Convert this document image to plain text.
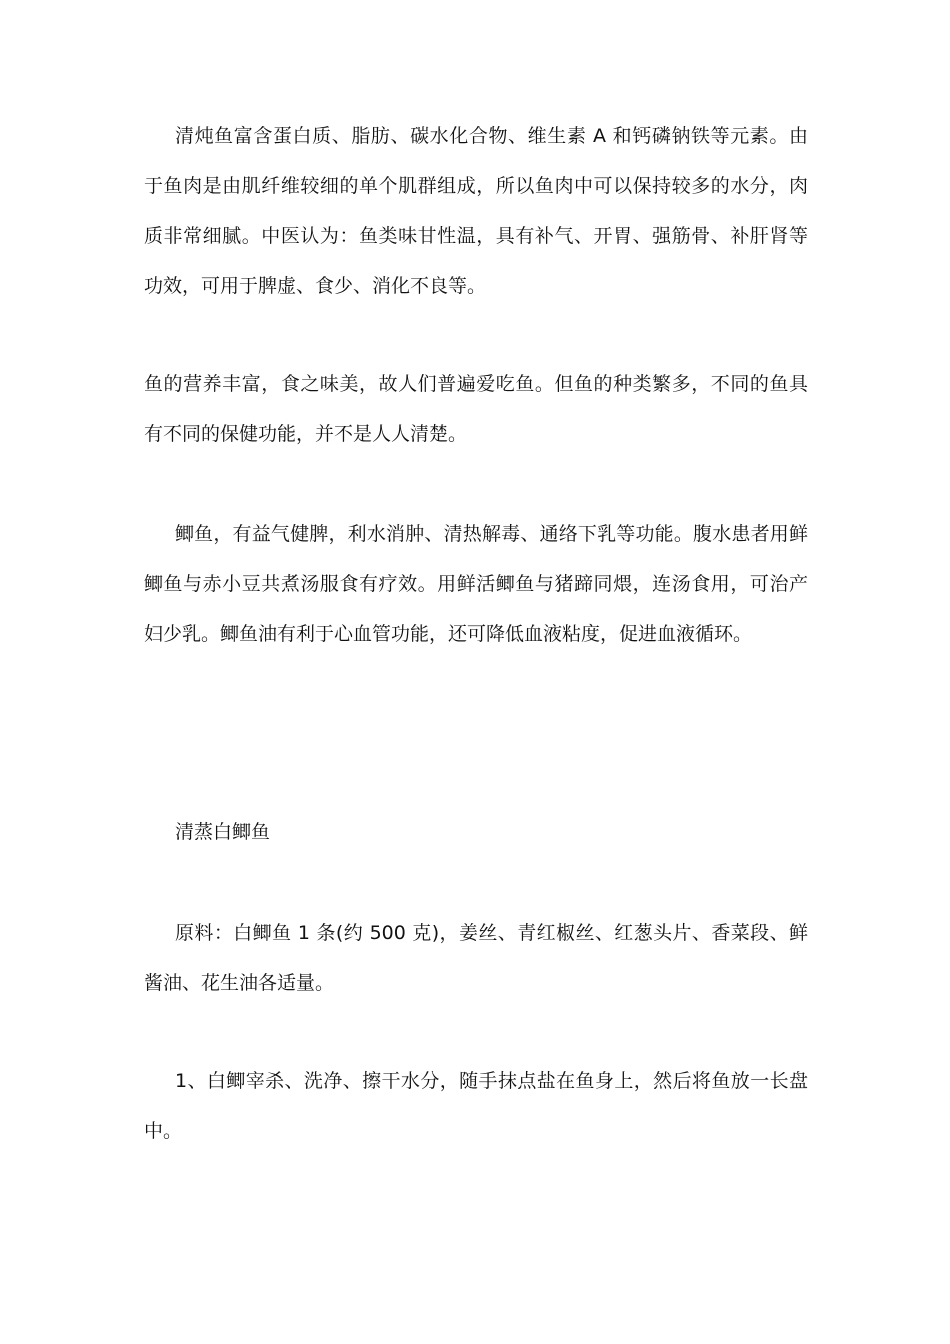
清炖鱼富含蛋白质、脂肪、碳水化合物、维生素 A 和钙磷钠铁等元素。由于鱼肉是由肌纤维较细的单个肌群组成，所以鱼肉中可以保持较多的水分，肉质非常细腻。中医认为：鱼类味甘性温，具有补气、开胃、强筋骨、补肝肾等功效，可用于脾虚、食少、消化不良等。

鱼的营养丰富，食之味美，故人们普遍爱吃鱼。但鱼的种类繁多，不同的鱼具有不同的保健功能，并不是人人清楚。

鲫鱼，有益气健脾，利水消肿、清热解毒、通络下乳等功能。腹水患者用鲜鲫鱼与赤小豆共煮汤服食有疗效。用鲜活鲫鱼与猪蹄同煨，连汤食用，可治产妇少乳。鲫鱼油有利于心血管功能，还可降低血液粘度，促进血液循环。

清蒸白鲫鱼

原料：白鲫鱼 1 条(约 500 克)，姜丝、青红椒丝、红葱头片、香菜段、鲜酱油、花生油各适量。

1、白鲫宰杀、洗净、擦干水分，随手抹点盐在鱼身上，然后将鱼放一长盘中。
